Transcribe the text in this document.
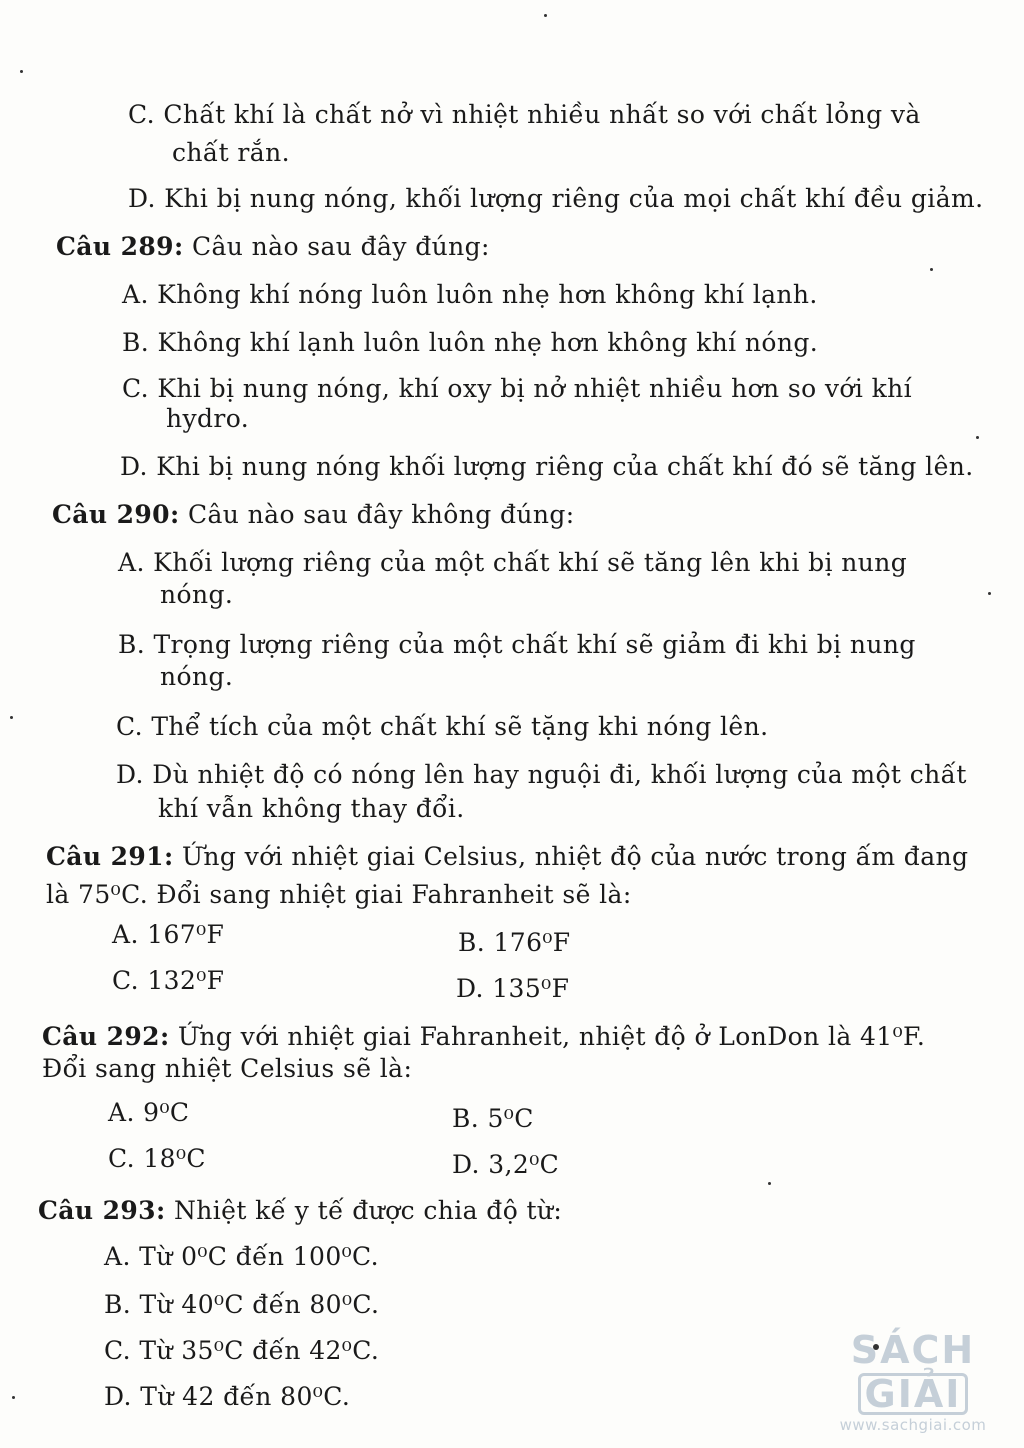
C. Chất khí là chất nở vì nhiệt nhiều nhất so với chất lỏng và
chất rắn.
D. Khi bị nung nóng, khối lượng riêng của mọi chất khí đều giảm.
Câu 289: Câu nào sau đây đúng:
A. Không khí nóng luôn luôn nhẹ hơn không khí lạnh.
B. Không khí lạnh luôn luôn nhẹ hơn không khí nóng.
C. Khi bị nung nóng, khí oxy bị nở nhiệt nhiều hơn so với khí
hydro.
D. Khi bị nung nóng khối lượng riêng của chất khí đó sẽ tăng lên.
Câu 290: Câu nào sau đây không đúng:
A. Khối lượng riêng của một chất khí sẽ tăng lên khi bị nung
nóng.
B. Trọng lượng riêng của một chất khí sẽ giảm đi khi bị nung
nóng.
C. Thể tích của một chất khí sẽ tặng khi nóng lên.
D. Dù nhiệt độ có nóng lên hay nguội đi, khối lượng của một chất
khí vẫn không thay đổi.
Câu 291: Ứng với nhiệt giai Celsius, nhiệt độ của nước trong ấm đang
là 75⁰C. Đổi sang nhiệt giai Fahranheit sẽ là:
A. 167⁰F	B. 176⁰F
C. 132⁰F	D. 135⁰F
Câu 292: Ứng với nhiệt giai Fahranheit, nhiệt độ ở LonDon là 41⁰F.
Đổi sang nhiệt Celsius sẽ là:
A. 9⁰C	B. 5⁰C
C. 18⁰C	D. 3,2⁰C
Câu 293: Nhiệt kế y tế được chia độ từ:
A. Từ 0⁰C đến 100⁰C.
B. Từ 40⁰C đến 80⁰C.
C. Từ 35⁰C đến 42⁰C.
D. Từ 42 đến 80⁰C.
SÁCHGIẢI
www.sachgiai.com
